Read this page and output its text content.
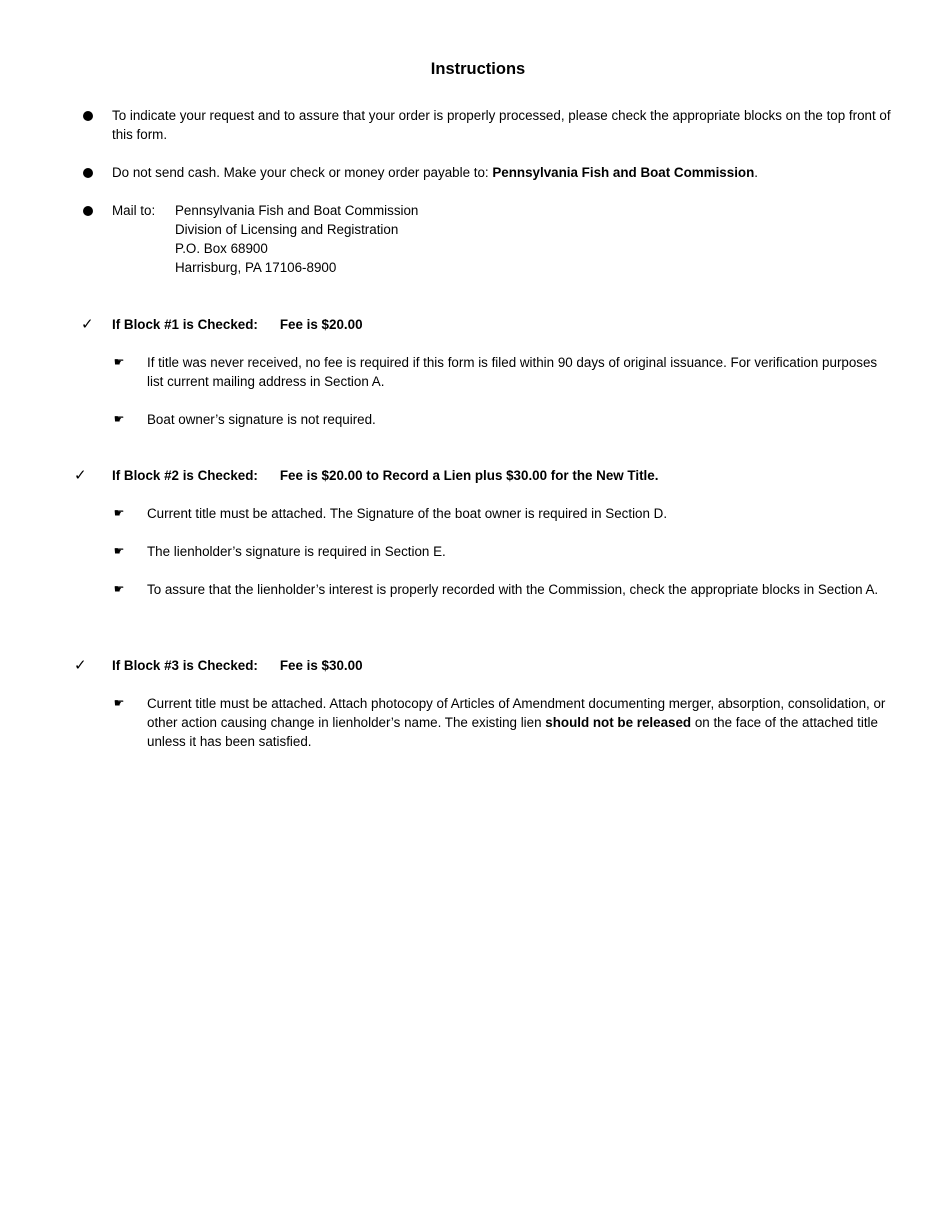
Instructions
To indicate your request and to assure that your order is properly processed, please check the appropriate blocks on the top front of this form.
Do not send cash. Make your check or money order payable to: Pennsylvania Fish and Boat Commission.
Mail to: Pennsylvania Fish and Boat Commission
Division of Licensing and Registration
P.O. Box 68900
Harrisburg, PA 17106-8900
✓ If Block #1 is Checked: Fee is $20.00
☛ If title was never received, no fee is required if this form is filed within 90 days of original issuance. For verification purposes list current mailing address in Section A.
☛ Boat owner’s signature is not required.
✓ If Block #2 is Checked: Fee is $20.00 to Record a Lien plus $30.00 for the New Title.
☛ Current title must be attached. The Signature of the boat owner is required in Section D.
☛ The lienholder’s signature is required in Section E.
☛ To assure that the lienholder’s interest is properly recorded with the Commission, check the appropriate blocks in Section A.
✓ If Block #3 is Checked: Fee is $30.00
☛ Current title must be attached. Attach photocopy of Articles of Amendment documenting merger, absorption, consolidation, or other action causing change in lienholder’s name. The existing lien should not be released on the face of the attached title unless it has been satisfied.
